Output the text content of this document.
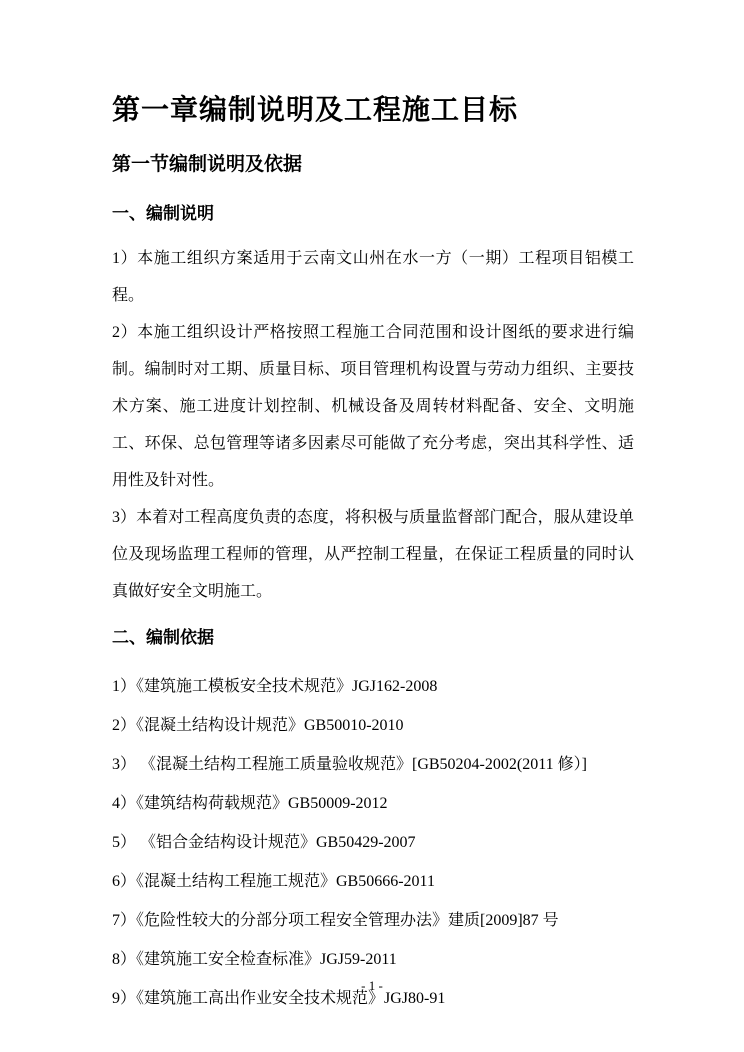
第一章编制说明及工程施工目标
第一节编制说明及依据
一、编制说明

1）本施工组织方案适用于云南文山州在水一方（一期）工程项目铝模工程。

2）本施工组织设计严格按照工程施工合同范围和设计图纸的要求进行编制。编制时对工期、质量目标、项目管理机构设置与劳动力组织、主要技术方案、施工进度计划控制、机械设备及周转材料配备、安全、文明施工、环保、总包管理等诸多因素尽可能做了充分考虑，突出其科学性、适用性及针对性。

3）本着对工程高度负责的态度，将积极与质量监督部门配合，服从建设单位及现场监理工程师的管理，从严控制工程量，在保证工程质量的同时认真做好安全文明施工。

二、编制依据
1）《建筑施工模板安全技术规范》JGJ162-2008
2）《混凝土结构设计规范》GB50010-2010
3） 《混凝土结构工程施工质量验收规范》[GB50204-2002(2011 修）]
4）《建筑结构荷载规范》GB50009-2012
5） 《铝合金结构设计规范》GB50429-2007
6）《混凝土结构工程施工规范》GB50666-2011
7）《危险性较大的分部分项工程安全管理办法》建质[2009]87 号
8）《建筑施工安全检查标准》JGJ59-2011
9）《建筑施工高出作业安全技术规范》JGJ80-91
- 1 -
